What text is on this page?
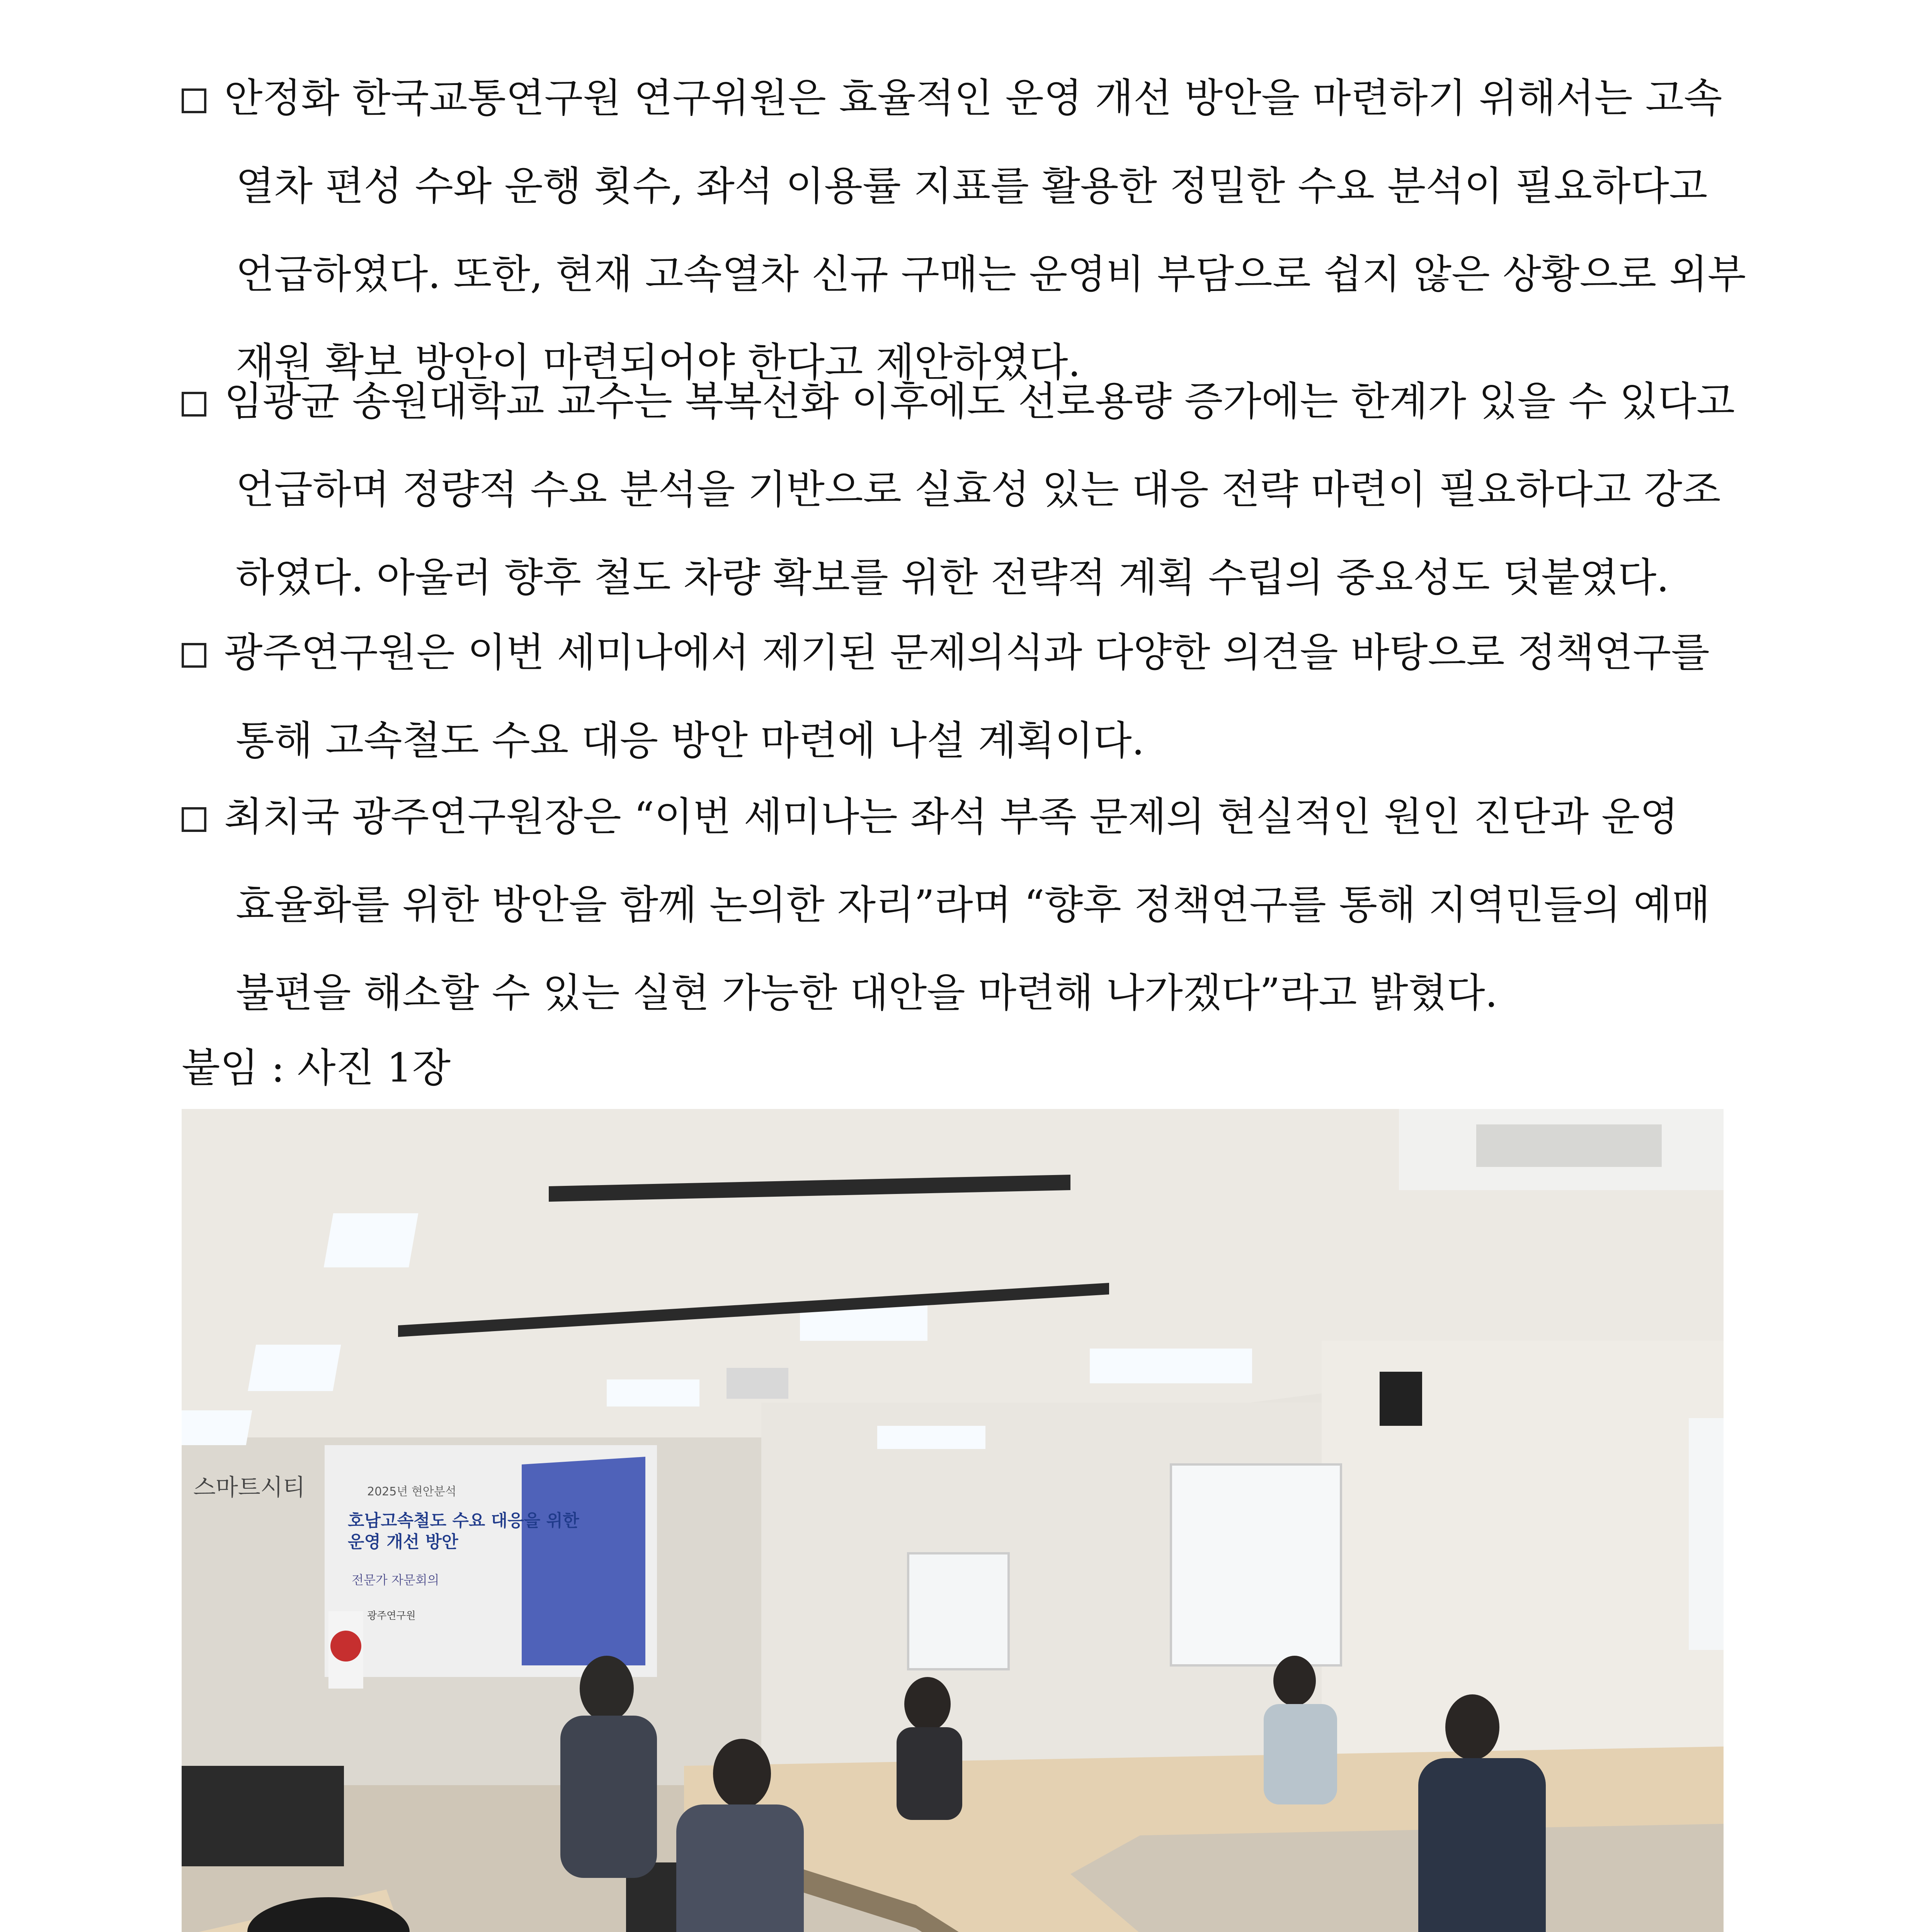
안정화 한국교통연구원 연구위원은 효율적인 운영 개선 방안을 마련하기 위해서는 고속
열차 편성 수와 운행 횟수, 좌석 이용률 지표를 활용한 정밀한 수요 분석이 필요하다고
언급하였다. 또한, 현재 고속열차 신규 구매는 운영비 부담으로 쉽지 않은 상황으로 외부
재원 확보 방안이 마련되어야 한다고 제안하였다.
임광균 송원대학교 교수는 복복선화 이후에도 선로용량 증가에는 한계가 있을 수 있다고
언급하며 정량적 수요 분석을 기반으로 실효성 있는 대응 전략 마련이 필요하다고 강조
하였다. 아울러 향후 철도 차량 확보를 위한 전략적 계획 수립의 중요성도 덧붙였다.
광주연구원은 이번 세미나에서 제기된 문제의식과 다양한 의견을 바탕으로 정책연구를
통해 고속철도 수요 대응 방안 마련에 나설 계획이다.
최치국 광주연구원장은 “이번 세미나는 좌석 부족 문제의 현실적인 원인 진단과 운영
효율화를 위한 방안을 함께 논의한 자리”라며 “향후 정책연구를 통해 지역민들의 예매
불편을 해소할 수 있는 실현 가능한 대안을 마련해 나가겠다”라고 밝혔다.
붙임 : 사진 1장
2025년 현안분석
호남고속철도 수요 대응을 위한
운영 개선 방안
전문가 자문회의
광주연구원
스마트시티
